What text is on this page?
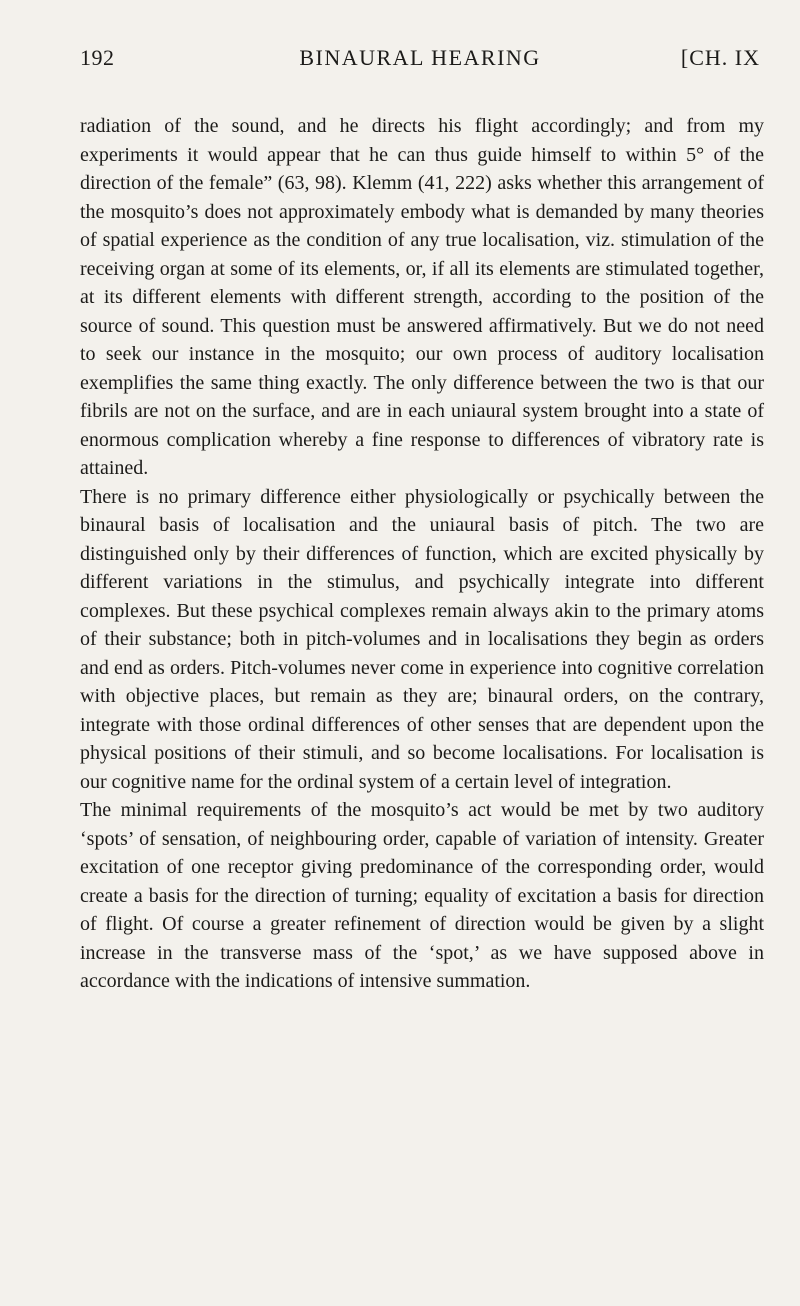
192	BINAURAL HEARING	[CH. IX

radiation of the sound, and he directs his flight accordingly; and from my experiments it would appear that he can thus guide himself to within 5° of the direction of the female” (63, 98). Klemm (41, 222) asks whether this arrangement of the mosquito’s does not approximately embody what is demanded by many theories of spatial experience as the condition of any true localisation, viz. stimulation of the receiving organ at some of its elements, or, if all its elements are stimulated together, at its different elements with different strength, according to the position of the source of sound. This question must be answered affirmatively. But we do not need to seek our instance in the mosquito; our own process of auditory localisation exemplifies the same thing exactly. The only difference between the two is that our fibrils are not on the surface, and are in each uniaural system brought into a state of enormous complication whereby a fine response to differences of vibratory rate is attained.

There is no primary difference either physiologically or psychically between the binaural basis of localisation and the uniaural basis of pitch. The two are distinguished only by their differences of function, which are excited physically by different variations in the stimulus, and psychically integrate into different complexes. But these psychical complexes remain always akin to the primary atoms of their substance; both in pitch-volumes and in localisations they begin as orders and end as orders. Pitch-volumes never come in experience into cognitive correlation with objective places, but remain as they are; binaural orders, on the contrary, integrate with those ordinal differences of other senses that are dependent upon the physical positions of their stimuli, and so become localisations. For localisation is our cognitive name for the ordinal system of a certain level of integration.

The minimal requirements of the mosquito’s act would be met by two auditory ‘spots’ of sensation, of neighbouring order, capable of variation of intensity. Greater excitation of one receptor giving predominance of the corresponding order, would create a basis for the direction of turning; equality of excitation a basis for direction of flight. Of course a greater refinement of direction would be given by a slight increase in the transverse mass of the ‘spot,’ as we have supposed above in accordance with the indications of intensive summation.
